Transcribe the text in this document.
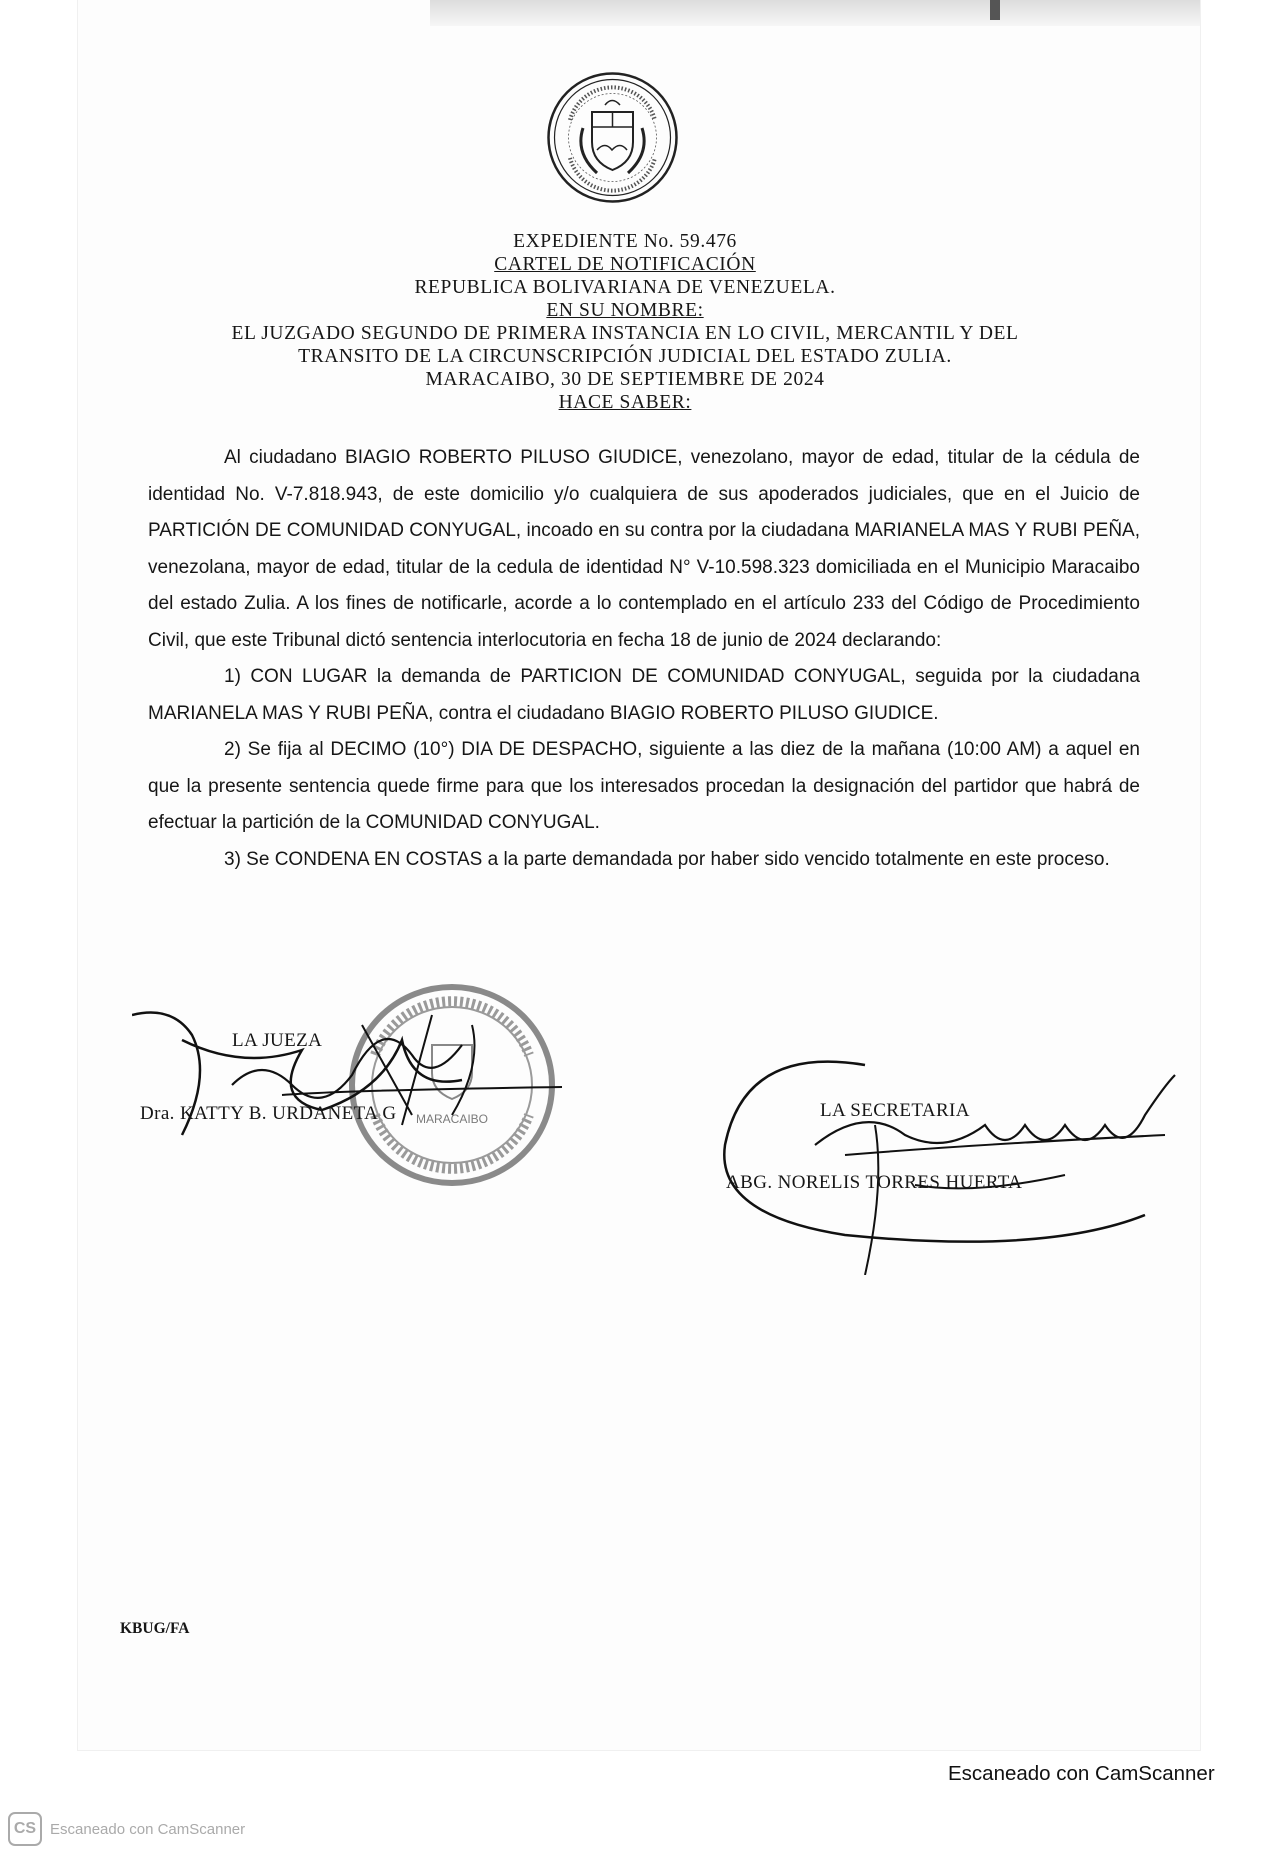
EXPEDIENTE No. 59.476
CARTEL DE NOTIFICACIÓN
REPUBLICA BOLIVARIANA DE VENEZUELA.
EN SU NOMBRE:
EL JUZGADO SEGUNDO DE PRIMERA INSTANCIA EN LO CIVIL, MERCANTIL Y DEL
TRANSITO DE LA CIRCUNSCRIPCIÓN JUDICIAL DEL ESTADO ZULIA.
MARACAIBO, 30 DE SEPTIEMBRE DE 2024
HACE SABER:

Al ciudadano BIAGIO ROBERTO PILUSO GIUDICE, venezolano, mayor de edad, titular de la cédula de identidad No. V-7.818.943, de este domicilio y/o cualquiera de sus apoderados judiciales, que en el Juicio de PARTICIÓN DE COMUNIDAD CONYUGAL, incoado en su contra por la ciudadana MARIANELA MAS Y RUBI PEÑA, venezolana, mayor de edad, titular de la cedula de identidad N° V-10.598.323 domiciliada en el Municipio Maracaibo del estado Zulia. A los fines de notificarle, acorde a lo contemplado en el artículo 233 del Código de Procedimiento Civil, que este Tribunal dictó sentencia interlocutoria en fecha 18 de junio de 2024 declarando:

1) CON LUGAR la demanda de PARTICION DE COMUNIDAD CONYUGAL, seguida por la ciudadana MARIANELA MAS Y RUBI PEÑA, contra el ciudadano BIAGIO ROBERTO PILUSO GIUDICE.

2) Se fija al DECIMO (10°) DIA DE DESPACHO, siguiente a las diez de la mañana (10:00 AM) a aquel en que la presente sentencia quede firme para que los interesados procedan la designación del partidor que habrá de efectuar la partición de la COMUNIDAD CONYUGAL.

3) Se CONDENA EN COSTAS a la parte demandada por haber sido vencido totalmente en este proceso.

MARACAIBO
LA JUEZA
Dra. KATTY B. URDANETA G	LA SECRETARIA
ABG. NORELIS TORRES HUERTA
KBUG/FA
Escaneado con CamScanner
CS Escaneado con CamScanner
